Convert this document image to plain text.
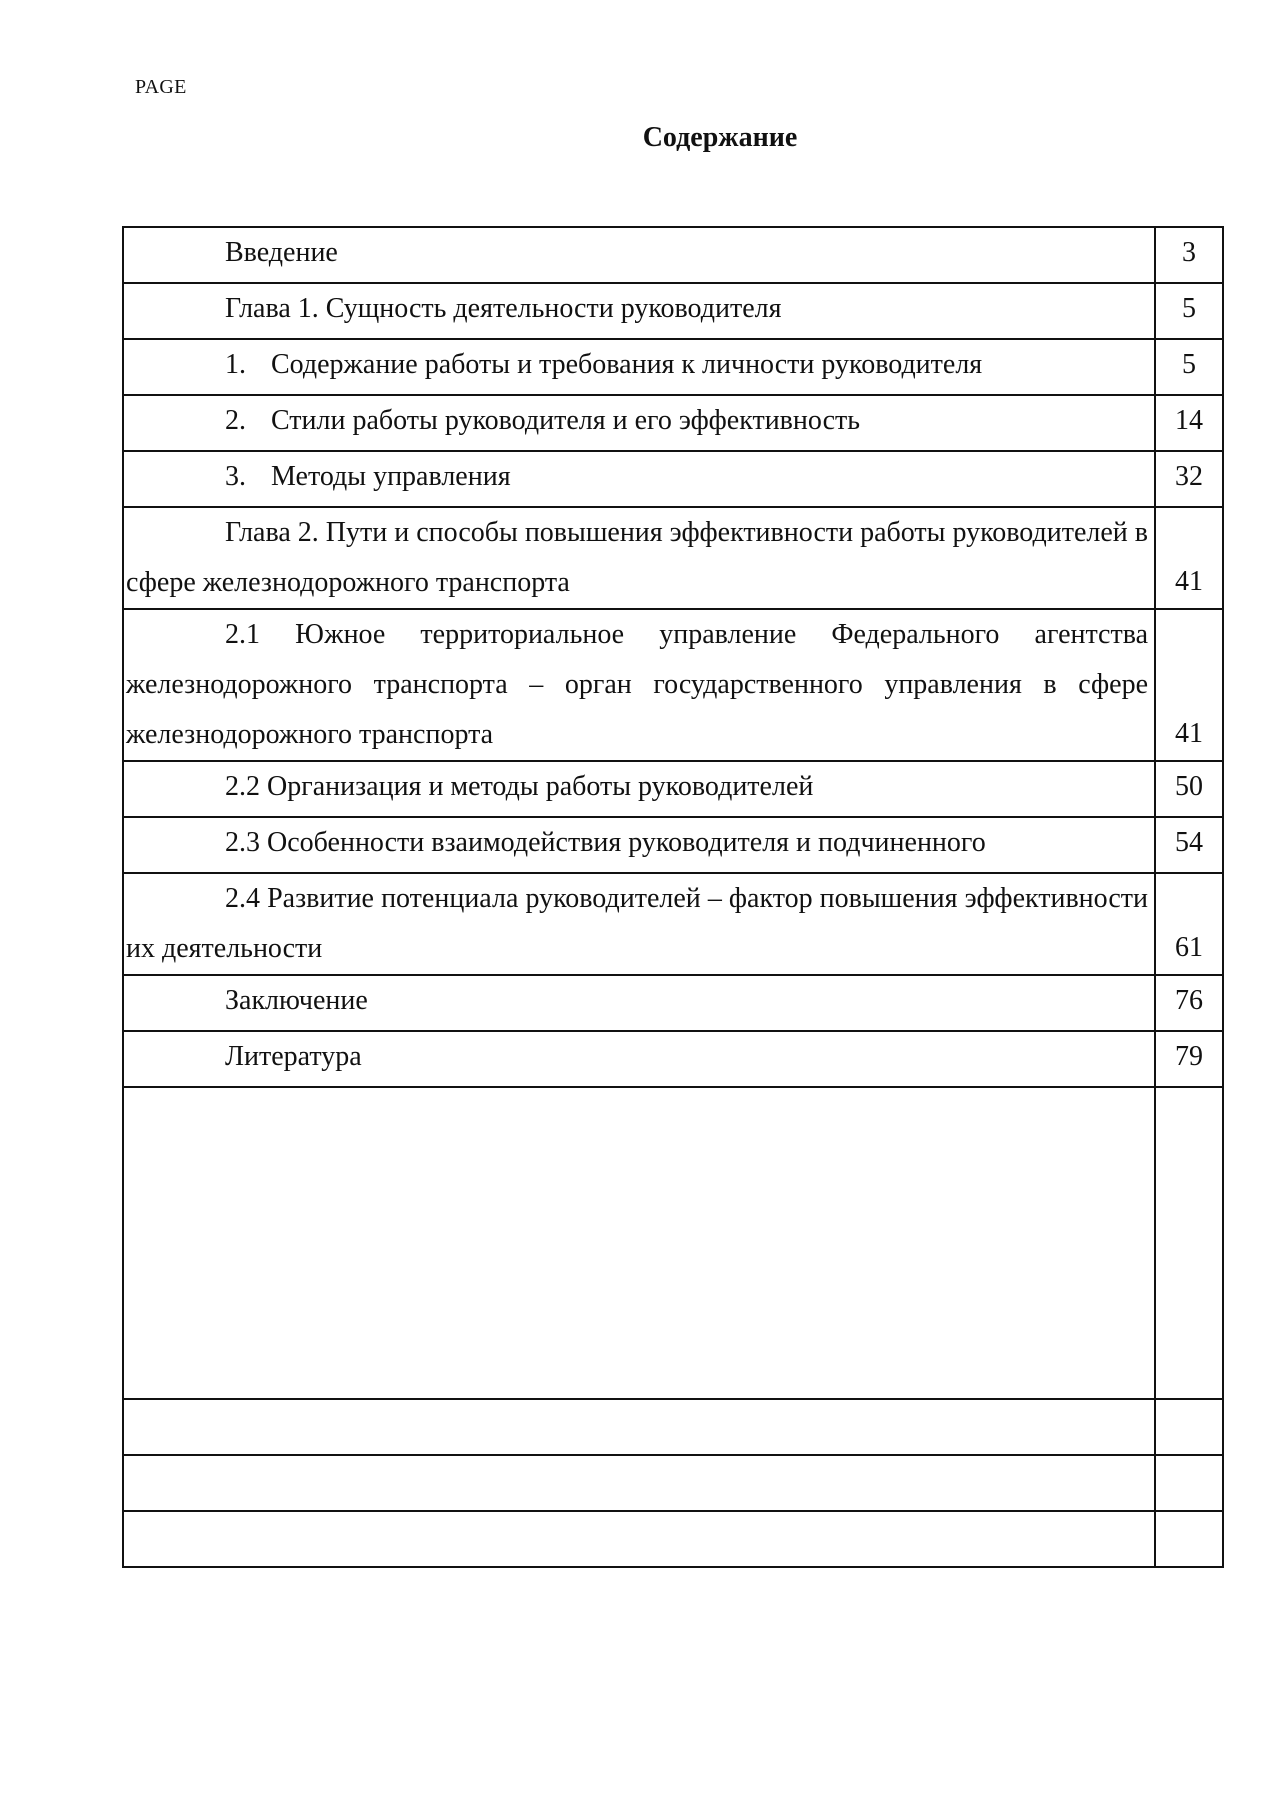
PAGE
Содержание
Введение	3
Глава 1. Сущность деятельности руководителя	5
1. Содержание работы и требования к личности руководителя	5
2. Стили работы руководителя и его эффективность	14
3. Методы управления	32
Глава 2. Пути и способы повышения эффективности работы руководителей в сфере железнодорожного транспорта	41
2.1 Южное территориальное управление Федерального агентства железнодорожного транспорта – орган государственного управления в сфере железнодорожного транспорта	41
2.2 Организация и методы работы руководителей	50
2.3 Особенности взаимодействия руководителя и подчиненного	54
2.4 Развитие потенциала руководителей – фактор повышения эффективности их деятельности	61
Заключение	76
Литература	79
